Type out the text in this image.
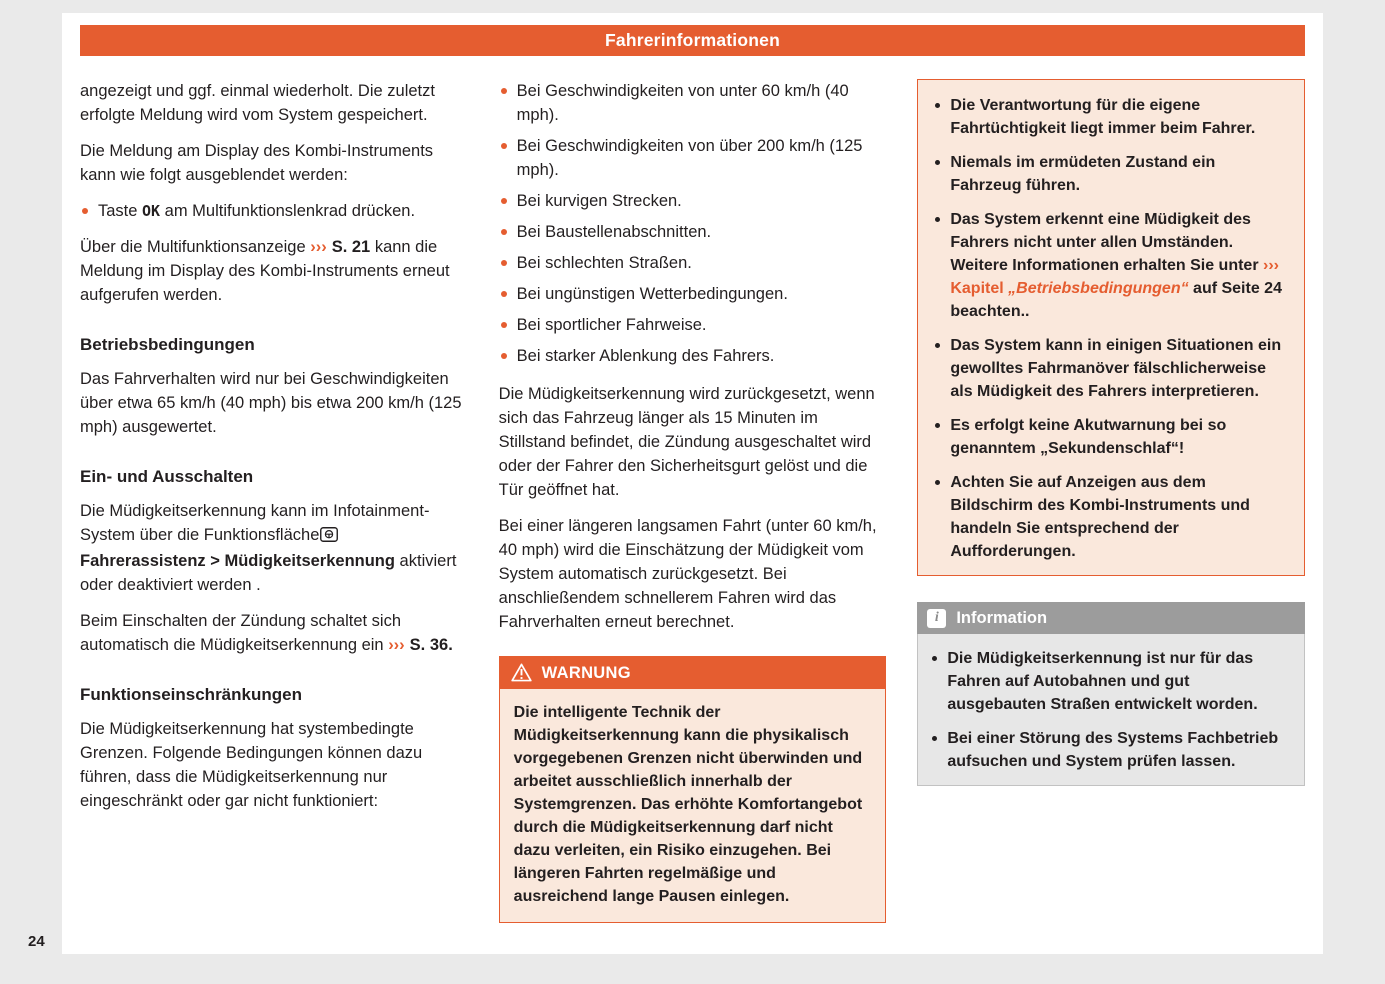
Fahrerinformationen

angezeigt und ggf. einmal wiederholt. Die zuletzt erfolgte Meldung wird vom System gespeichert.

Die Meldung am Display des Kombi-Instruments kann wie folgt ausgeblendet werden:

Taste OK am Multifunktionslenkrad drücken.

Über die Multifunktionsanzeige ››› S. 21 kann die Meldung im Display des Kombi-Instruments erneut aufgerufen werden.

Betriebsbedingungen

Das Fahrverhalten wird nur bei Geschwindigkeiten über etwa 65 km/h (40 mph) bis etwa 200 km/h (125 mph) ausgewertet.

Ein- und Ausschalten

Die Müdigkeitserkennung kann im Infotainment-System über die Funktionsfläche Fahrerassistenz > Müdigkeitserkennung aktiviert oder deaktiviert werden .

Beim Einschalten der Zündung schaltet sich automatisch die Müdigkeitserkennung ein ››› S. 36.

Funktionseinschränkungen

Die Müdigkeitserkennung hat systembedingte Grenzen. Folgende Bedingungen können dazu führen, dass die Müdigkeitserkennung nur eingeschränkt oder gar nicht funktioniert:

Bei Geschwindigkeiten von unter 60 km/h (40 mph).
Bei Geschwindigkeiten von über 200 km/h (125 mph).
Bei kurvigen Strecken.
Bei Baustellenabschnitten.
Bei schlechten Straßen.
Bei ungünstigen Wetterbedingungen.
Bei sportlicher Fahrweise.
Bei starker Ablenkung des Fahrers.

Die Müdigkeitserkennung wird zurückgesetzt, wenn sich das Fahrzeug länger als 15 Minuten im Stillstand befindet, die Zündung ausgeschaltet wird oder der Fahrer den Sicherheitsgurt gelöst und die Tür geöffnet hat.

Bei einer längeren langsamen Fahrt (unter 60 km/h, 40 mph) wird die Einschätzung der Müdigkeit vom System automatisch zurückgesetzt. Bei anschließendem schnellerem Fahren wird das Fahrverhalten erneut berechnet.

WARNUNG
Die intelligente Technik der Müdigkeitserkennung kann die physikalisch vorgegebenen Grenzen nicht überwinden und arbeitet ausschließlich innerhalb der Systemgrenzen. Das erhöhte Komfortangebot durch die Müdigkeitserkennung darf nicht dazu verleiten, ein Risiko einzugehen. Bei längeren Fahrten regelmäßige und ausreichend lange Pausen einlegen.
Die Verantwortung für die eigene Fahrtüchtigkeit liegt immer beim Fahrer.
Niemals im ermüdeten Zustand ein Fahrzeug führen.
Das System erkennt eine Müdigkeit des Fahrers nicht unter allen Umständen. Weitere Informationen erhalten Sie unter ››› Kapitel „Betriebsbedingungen“ auf Seite 24 beachten..
Das System kann in einigen Situationen ein gewolltes Fahrmanöver fälschlicherweise als Müdigkeit des Fahrers interpretieren.
Es erfolgt keine Akutwarnung bei so genanntem „Sekundenschlaf“!
Achten Sie auf Anzeigen aus dem Bildschirm des Kombi-Instruments und handeln Sie entsprechend der Aufforderungen.
i	Information
Die Müdigkeitserkennung ist nur für das Fahren auf Autobahnen und gut ausgebauten Straßen entwickelt worden.
Bei einer Störung des Systems Fachbetrieb aufsuchen und System prüfen lassen.
24
